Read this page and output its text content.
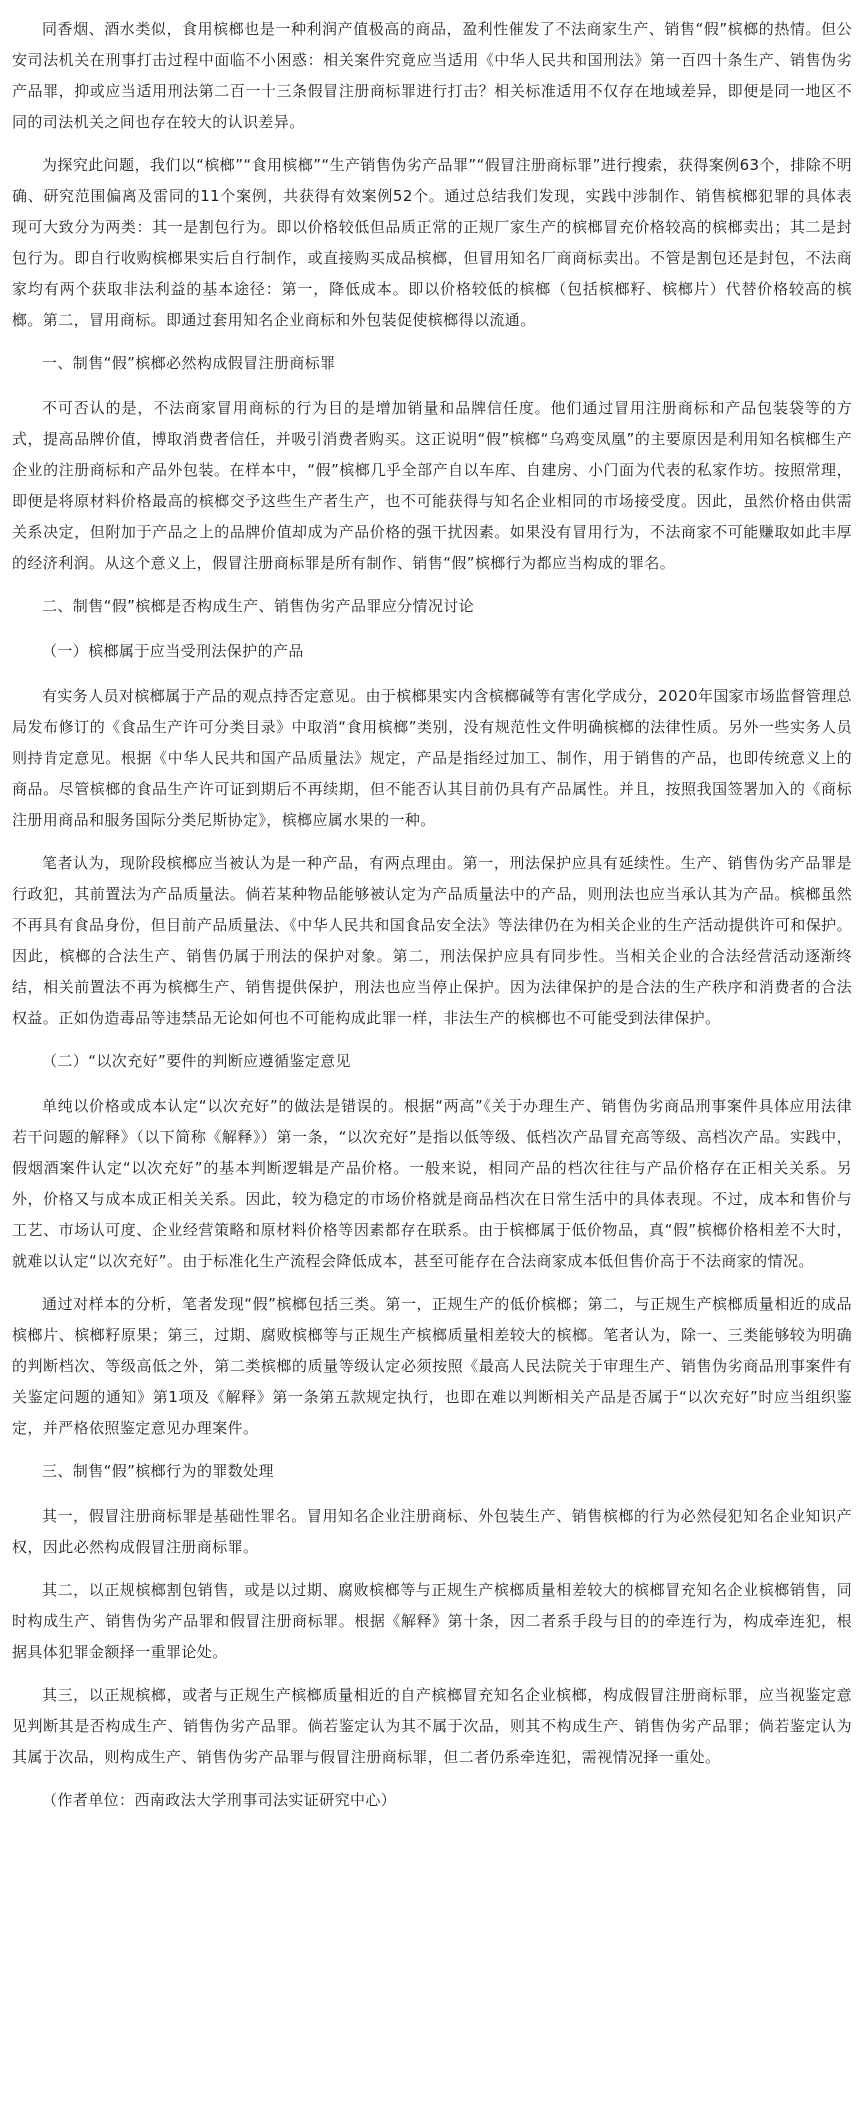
同香烟、酒水类似，食用槟榔也是一种利润产值极高的商品，盈利性催发了不法商家生产、销售“假”槟榔的热情。但公安司法机关在刑事打击过程中面临不小困惑：相关案件究竟应当适用《中华人民共和国刑法》第一百四十条生产、销售伪劣产品罪，抑或应当适用刑法第二百一十三条假冒注册商标罪进行打击？相关标准适用不仅存在地域差异，即便是同一地区不同的司法机关之间也存在较大的认识差异。

为探究此问题，我们以“槟榔”“食用槟榔”“生产销售伪劣产品罪”“假冒注册商标罪”进行搜索，获得案例63个，排除不明确、研究范围偏离及雷同的11个案例，共获得有效案例52个。通过总结我们发现，实践中涉制作、销售槟榔犯罪的具体表现可大致分为两类：其一是割包行为。即以价格较低但品质正常的正规厂家生产的槟榔冒充价格较高的槟榔卖出；其二是封包行为。即自行收购槟榔果实后自行制作，或直接购买成品槟榔，但冒用知名厂商商标卖出。不管是割包还是封包，不法商家均有两个获取非法利益的基本途径：第一，降低成本。即以价格较低的槟榔（包括槟榔籽、槟榔片）代替价格较高的槟榔。第二，冒用商标。即通过套用知名企业商标和外包装促使槟榔得以流通。

一、制售“假”槟榔必然构成假冒注册商标罪

不可否认的是，不法商家冒用商标的行为目的是增加销量和品牌信任度。他们通过冒用注册商标和产品包装袋等的方式，提高品牌价值，博取消费者信任，并吸引消费者购买。这正说明“假”槟榔“乌鸡变凤凰”的主要原因是利用知名槟榔生产企业的注册商标和产品外包装。在样本中，“假”槟榔几乎全部产自以车库、自建房、小门面为代表的私家作坊。按照常理，即便是将原材料价格最高的槟榔交予这些生产者生产，也不可能获得与知名企业相同的市场接受度。因此，虽然价格由供需关系决定，但附加于产品之上的品牌价值却成为产品价格的强干扰因素。如果没有冒用行为，不法商家不可能赚取如此丰厚的经济利润。从这个意义上，假冒注册商标罪是所有制作、销售“假”槟榔行为都应当构成的罪名。

二、制售“假”槟榔是否构成生产、销售伪劣产品罪应分情况讨论

（一）槟榔属于应当受刑法保护的产品

有实务人员对槟榔属于产品的观点持否定意见。由于槟榔果实内含槟榔碱等有害化学成分，2020年国家市场监督管理总局发布修订的《食品生产许可分类目录》中取消“食用槟榔”类别，没有规范性文件明确槟榔的法律性质。另外一些实务人员则持肯定意见。根据《中华人民共和国产品质量法》规定，产品是指经过加工、制作，用于销售的产品，也即传统意义上的商品。尽管槟榔的食品生产许可证到期后不再续期，但不能否认其目前仍具有产品属性。并且，按照我国签署加入的《商标注册用商品和服务国际分类尼斯协定》，槟榔应属水果的一种。

笔者认为，现阶段槟榔应当被认为是一种产品，有两点理由。第一，刑法保护应具有延续性。生产、销售伪劣产品罪是行政犯，其前置法为产品质量法。倘若某种物品能够被认定为产品质量法中的产品，则刑法也应当承认其为产品。槟榔虽然不再具有食品身份，但目前产品质量法、《中华人民共和国食品安全法》等法律仍在为相关企业的生产活动提供许可和保护。因此，槟榔的合法生产、销售仍属于刑法的保护对象。第二，刑法保护应具有同步性。当相关企业的合法经营活动逐渐终结，相关前置法不再为槟榔生产、销售提供保护，刑法也应当停止保护。因为法律保护的是合法的生产秩序和消费者的合法权益。正如伪造毒品等违禁品无论如何也不可能构成此罪一样，非法生产的槟榔也不可能受到法律保护。

（二）“以次充好”要件的判断应遵循鉴定意见

单纯以价格或成本认定“以次充好”的做法是错误的。根据“两高”《关于办理生产、销售伪劣商品刑事案件具体应用法律若干问题的解释》（以下简称《解释》）第一条，“以次充好”是指以低等级、低档次产品冒充高等级、高档次产品。实践中，假烟酒案件认定“以次充好”的基本判断逻辑是产品价格。一般来说，相同产品的档次往往与产品价格存在正相关关系。另外，价格又与成本成正相关关系。因此，较为稳定的市场价格就是商品档次在日常生活中的具体表现。不过，成本和售价与工艺、市场认可度、企业经营策略和原材料价格等因素都存在联系。由于槟榔属于低价物品，真“假”槟榔价格相差不大时，就难以认定“以次充好”。由于标准化生产流程会降低成本，甚至可能存在合法商家成本低但售价高于不法商家的情况。

通过对样本的分析，笔者发现“假”槟榔包括三类。第一，正规生产的低价槟榔；第二，与正规生产槟榔质量相近的成品槟榔片、槟榔籽原果；第三，过期、腐败槟榔等与正规生产槟榔质量相差较大的槟榔。笔者认为，除一、三类能够较为明确的判断档次、等级高低之外，第二类槟榔的质量等级认定必须按照《最高人民法院关于审理生产、销售伪劣商品刑事案件有关鉴定问题的通知》第1项及《解释》第一条第五款规定执行，也即在难以判断相关产品是否属于“以次充好”时应当组织鉴定，并严格依照鉴定意见办理案件。

三、制售“假”槟榔行为的罪数处理

其一，假冒注册商标罪是基础性罪名。冒用知名企业注册商标、外包装生产、销售槟榔的行为必然侵犯知名企业知识产权，因此必然构成假冒注册商标罪。

其二，以正规槟榔割包销售，或是以过期、腐败槟榔等与正规生产槟榔质量相差较大的槟榔冒充知名企业槟榔销售，同时构成生产、销售伪劣产品罪和假冒注册商标罪。根据《解释》第十条，因二者系手段与目的的牵连行为，构成牵连犯，根据具体犯罪金额择一重罪论处。

其三，以正规槟榔，或者与正规生产槟榔质量相近的自产槟榔冒充知名企业槟榔，构成假冒注册商标罪，应当视鉴定意见判断其是否构成生产、销售伪劣产品罪。倘若鉴定认为其不属于次品，则其不构成生产、销售伪劣产品罪；倘若鉴定认为其属于次品，则构成生产、销售伪劣产品罪与假冒注册商标罪，但二者仍系牵连犯，需视情况择一重处。

（作者单位：西南政法大学刑事司法实证研究中心）
